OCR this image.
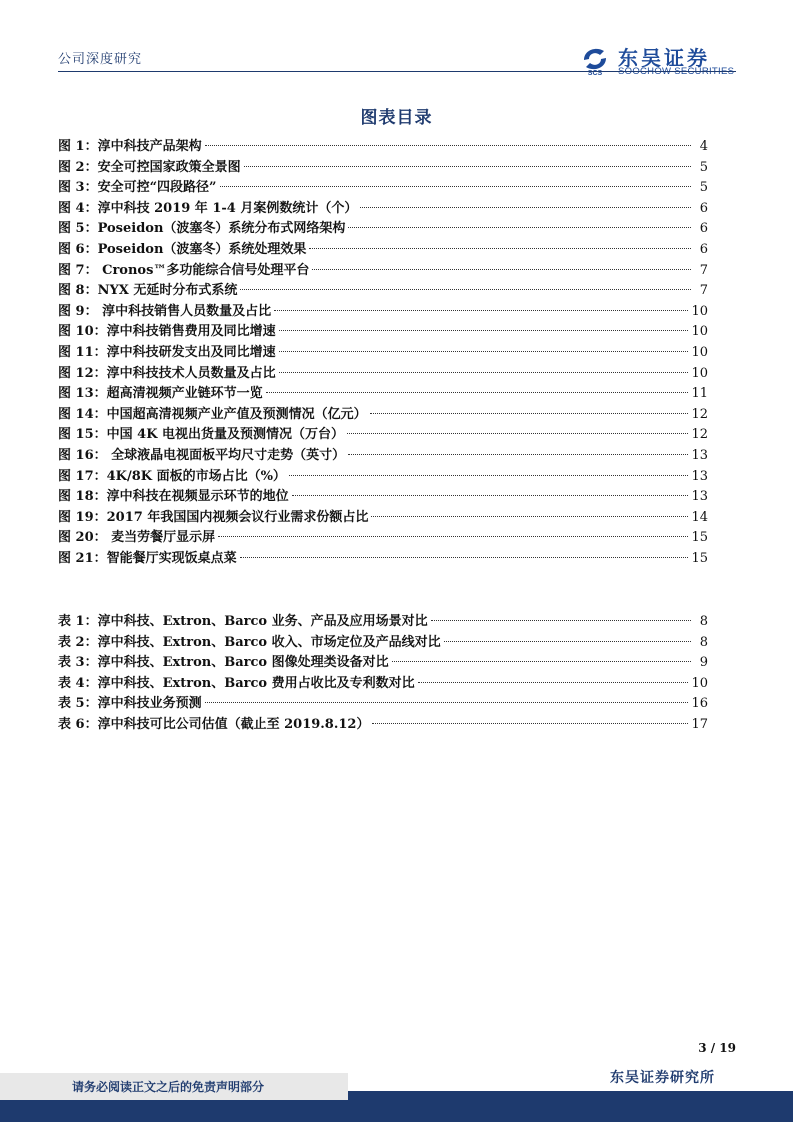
公司深度研究
SCS
东吴证券
SOOCHOW SECURITIES
图表目录
图 1：淳中科技产品架构	4
图 2：安全可控国家政策全景图	5
图 3：安全可控“四段路径”	5
图 4：淳中科技 2019 年 1-4 月案例数统计（个）	6
图 5：Poseidon（波塞冬）系统分布式网络架构	6
图 6：Poseidon（波塞冬）系统处理效果	6
图 7： Cronos™多功能综合信号处理平台	7
图 8：NYX 无延时分布式系统	7
图 9： 淳中科技销售人员数量及占比	10
图 10：淳中科技销售费用及同比增速	10
图 11：淳中科技研发支出及同比增速	10
图 12：淳中科技技术人员数量及占比	10
图 13：超高清视频产业链环节一览	11
图 14：中国超高清视频产业产值及预测情况（亿元）	12
图 15：中国 4K 电视出货量及预测情况（万台）	12
图 16： 全球液晶电视面板平均尺寸走势（英寸）	13
图 17：4K/8K 面板的市场占比（%）	13
图 18：淳中科技在视频显示环节的地位	13
图 19：2017 年我国国内视频会议行业需求份额占比	14
图 20： 麦当劳餐厅显示屏	15
图 21：智能餐厅实现饭桌点菜	15
表 1：淳中科技、Extron、Barco 业务、产品及应用场景对比	8
表 2：淳中科技、Extron、Barco 收入、市场定位及产品线对比	8
表 3：淳中科技、Extron、Barco 图像处理类设备对比	9
表 4：淳中科技、Extron、Barco 费用占收比及专利数对比	10
表 5：淳中科技业务预测	16
表 6：淳中科技可比公司估值（截止至 2019.8.12）	17
3 / 19
请务必阅读正文之后的免责声明部分
东吴证券研究所
